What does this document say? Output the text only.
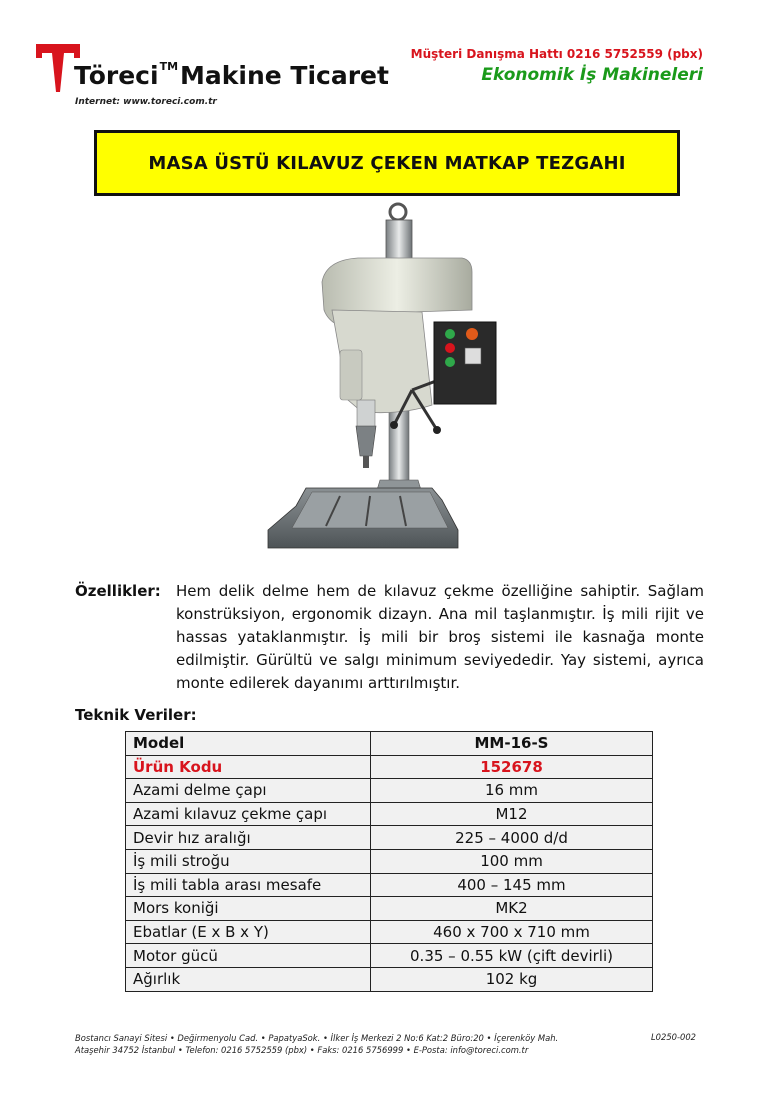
Töreci™Makine Ticaret
Internet: www.toreci.com.tr
Müşteri Danışma Hattı 0216 5752559 (pbx)
Ekonomik İş Makineleri
MASA ÜSTÜ KILAVUZ ÇEKEN MATKAP TEZGAHI
Özellikler: Hem delik delme hem de kılavuz çekme özelliğine sahiptir. Sağlam konstrüksiyon, ergonomik dizayn. Ana mil taşlanmıştır. İş mili rijit ve hassas yataklanmıştır. İş mili bir broş sistemi ile kasnağa monte edilmiştir. Gürültü ve salgı minimum seviyededir. Yay sistemi, ayrıca monte edilerek dayanımı arttırılmıştır.
Teknik Veriler:
Model	MM-16-S
Ürün Kodu	152678
Azami delme çapı	16 mm
Azami kılavuz çekme çapı	M12
Devir hız aralığı	225 – 4000 d/d
İş mili stroğu	100 mm
İş mili tabla arası mesafe	400 – 145 mm
Mors koniği	MK2
Ebatlar (E x B x Y)	460 x 700 x 710 mm
Motor gücü	0.35 – 0.55 kW (çift devirli)
Ağırlık	102 kg
Bostancı Sanayi Sitesi • Değirmenyolu Cad. • PapatyaSok. • İlker İş Merkezi 2 No:6 Kat:2 Büro:20 • İçerenköy Mah.
Ataşehir 34752 İstanbul • Telefon: 0216 5752559 (pbx) • Faks: 0216 5756999 • E-Posta: info@toreci.com.tr
L0250-002
